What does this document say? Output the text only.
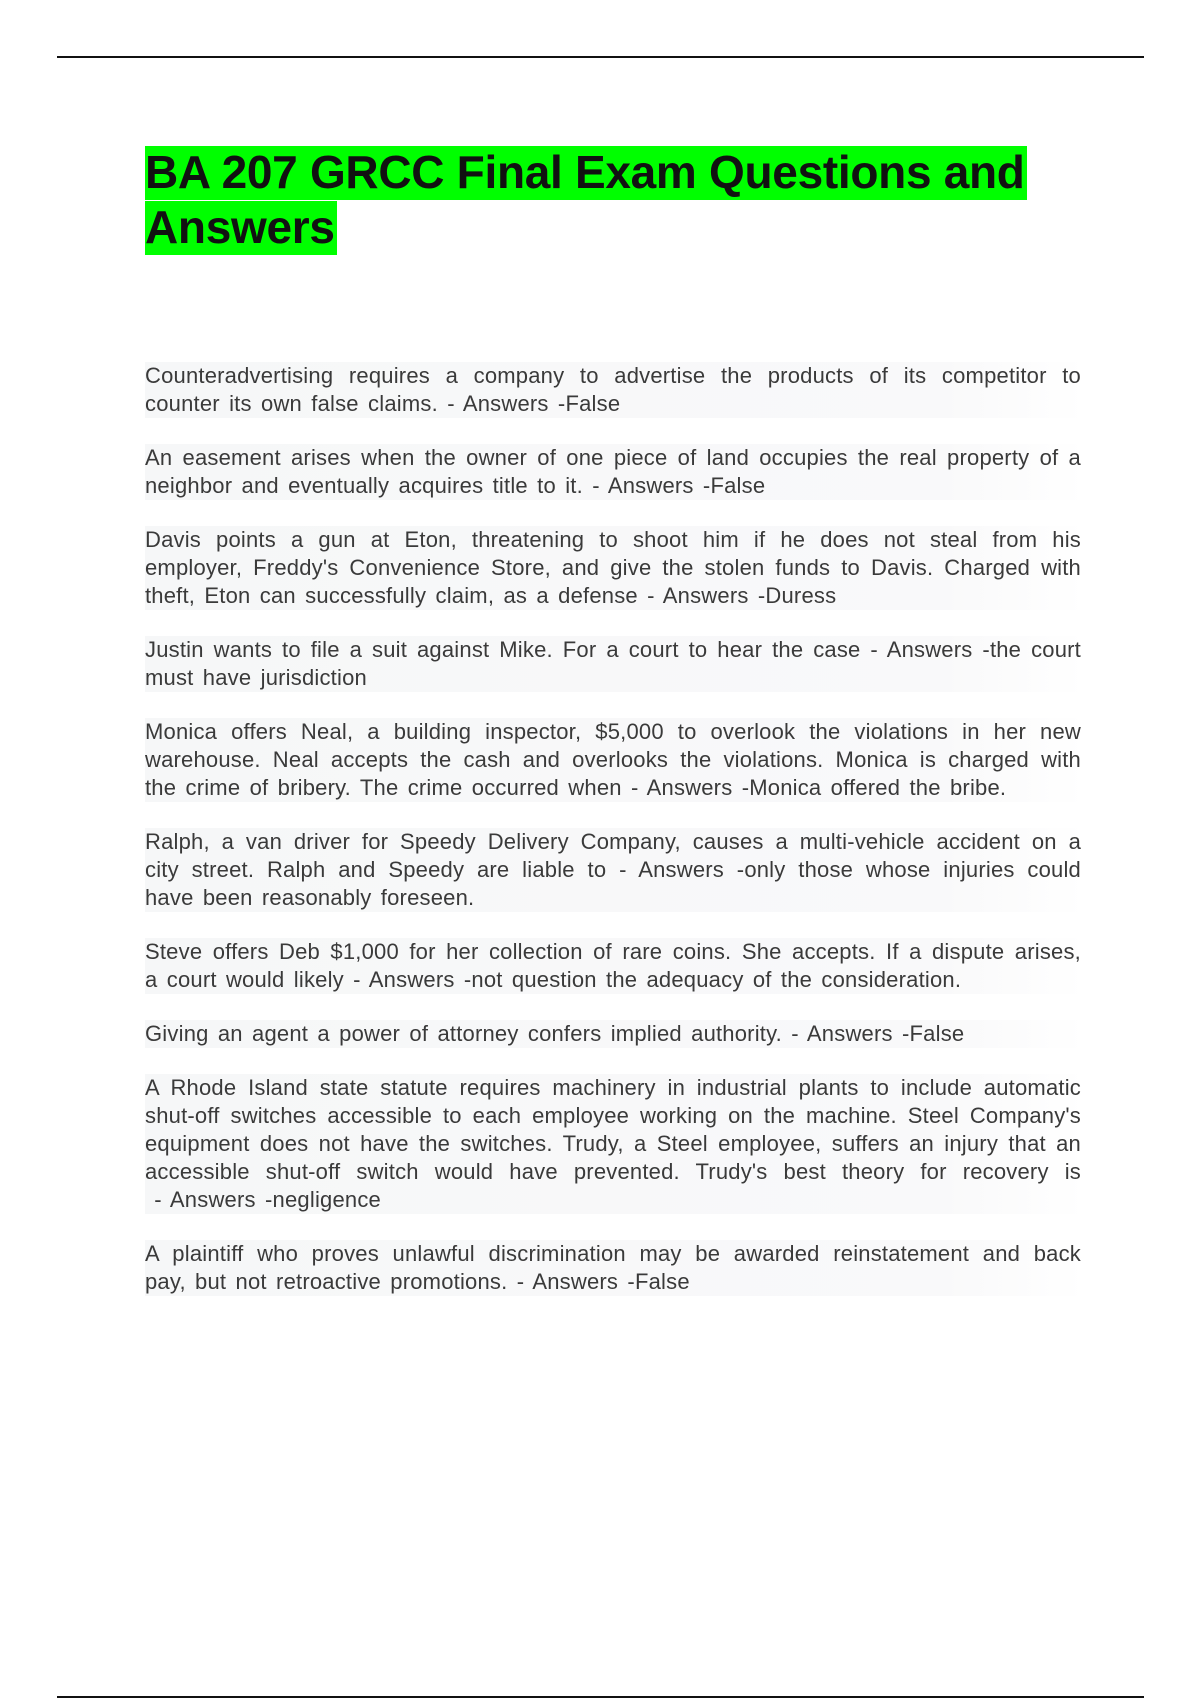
BA 207 GRCC Final Exam Questions and Answers

Counteradvertising requires a company to advertise the products of its competitor to counter its own false claims. - Answers -False

An easement arises when the owner of one piece of land occupies the real property of a neighbor and eventually acquires title to it. - Answers -False

Davis points a gun at Eton, threatening to shoot him if he does not steal from his employer, Freddy's Convenience Store, and give the stolen funds to Davis. Charged with theft, Eton can successfully claim, as a defense - Answers -Duress

Justin wants to file a suit against Mike. For a court to hear the case - Answers -the court must have jurisdiction

Monica offers Neal, a building inspector, $5,000 to overlook the violations in her new warehouse. Neal accepts the cash and overlooks the violations. Monica is charged with the crime of bribery. The crime occurred when - Answers -Monica offered the bribe.

Ralph, a van driver for Speedy Delivery Company, causes a multi-vehicle accident on a city street. Ralph and Speedy are liable to - Answers -only those whose injuries could have been reasonably foreseen.

Steve offers Deb $1,000 for her collection of rare coins. She accepts. If a dispute arises, a court would likely - Answers -not question the adequacy of the consideration.

Giving an agent a power of attorney confers implied authority. - Answers -False

A Rhode Island state statute requires machinery in industrial plants to include automatic shut-off switches accessible to each employee working on the machine. Steel Company's equipment does not have the switches. Trudy, a Steel employee, suffers an injury that an accessible shut-off switch would have prevented. Trudy's best theory for recovery is - Answers -negligence

A plaintiff who proves unlawful discrimination may be awarded reinstatement and back pay, but not retroactive promotions. - Answers -False
